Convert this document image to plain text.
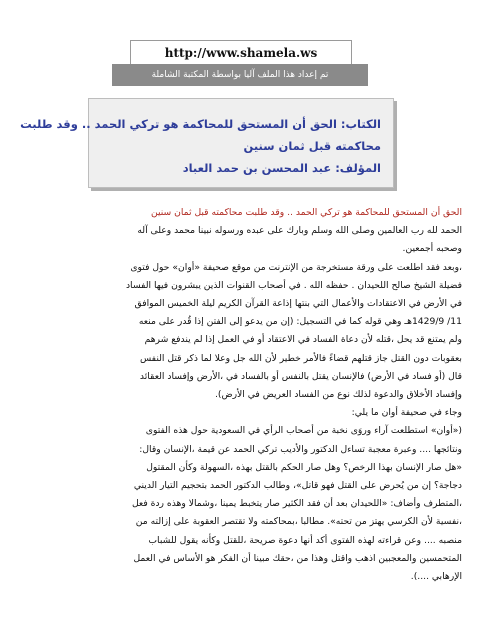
http://www.shamela.ws
تم إعداد هذا الملف آليا بواسطة المكتبة الشاملة
الكتاب: الحق أن المستحق للمحاكمة هو تركي الحمد .. وقد طلبت
محاكمته قبل ثمان سنين
المؤلف: عبد المحسن بن حمد العباد
الحق أن المستحق للمحاكمة هو تركي الحمد .. وقد طلبت محاكمته قبل ثمان سنين

الحمد لله رب العالمين وصلى الله وسلم وبارك على عبده ورسوله نبينا محمد وعلى آله
وصحبه أجمعين.
،وبعد فقد اطلعت على ورقة مستخرجة من الإنترنت من موقع صحيفة «أوان» حول فتوى
فضيلة الشيخ صالح اللحيدان . حفظه الله . في أصحاب القنوات الذين يبشرون فيها الفساد
في الأرض في الاعتقادات والأعمال التي بنتها إذاعة القرآن الكريم ليلة الخميس الموافق
11/ 1429/9هـ وهي قوله كما في التسجيل: (إن من يدعو إلى الفتن إذا قُدر على منعه
ولم يمتنع قد يحل ،قتله لأن دعاة الفساد في الاعتقاد أو في العمل إذا لم يندفع شرهم
بعقوبات دون القتل جاز قتلهم قضاءً فالأمر خطير لأن الله جل وعلا لما ذكر قتل النفس
قال (أو فساد في الأرض) فالإنسان يقتل بالنفس أو بالفساد في ،الأرض وإفساد العقائد
وإفساد الأخلاق والدعوة لذلك نوع من الفساد العريض في الأرض).
وجاء في صحيفة أوان ما يلي:
(«أوان» استطلعت آراء وروَى نخبة من أصحاب الرأي في السعودية حول هذه الفتوى
ونتائجها .... وعبرة معجبة تساءل الدكتور والأديب تركي الحمد عن قيمة ،الإنسان وقال:
«هل صار الإنسان بهذا الرخص؟ وهل صار الحكم بالقتل بهذه ،السهولة وكأن المقتول
دجاجة؟ إن من يُحرض على القتل فهو قاتل»، وطالب الدكتور الحمد بتحجيم التيار الديني
،المتطرف وأضاف: «اللحيدان بعد أن فقد الكثير صار يتخبط يمينا ،وشمالا وهذه ردة فعل
،نفسية لأن الكرسي يهتز من تحته». مطالبا ،بمحاكمته ولا تقتصر العقوبة على إزالته من
منصبه .... وعن قراءته لهذه الفتوى أكد أنها دعوة صريحة ،للقتل وكأنه يقول للشباب
المتحمسين والمعجبين اذهب واقتل وهذا من ،حقك مبينا أن الفكر هو الأساس في العمل
الإرهابي ....).
